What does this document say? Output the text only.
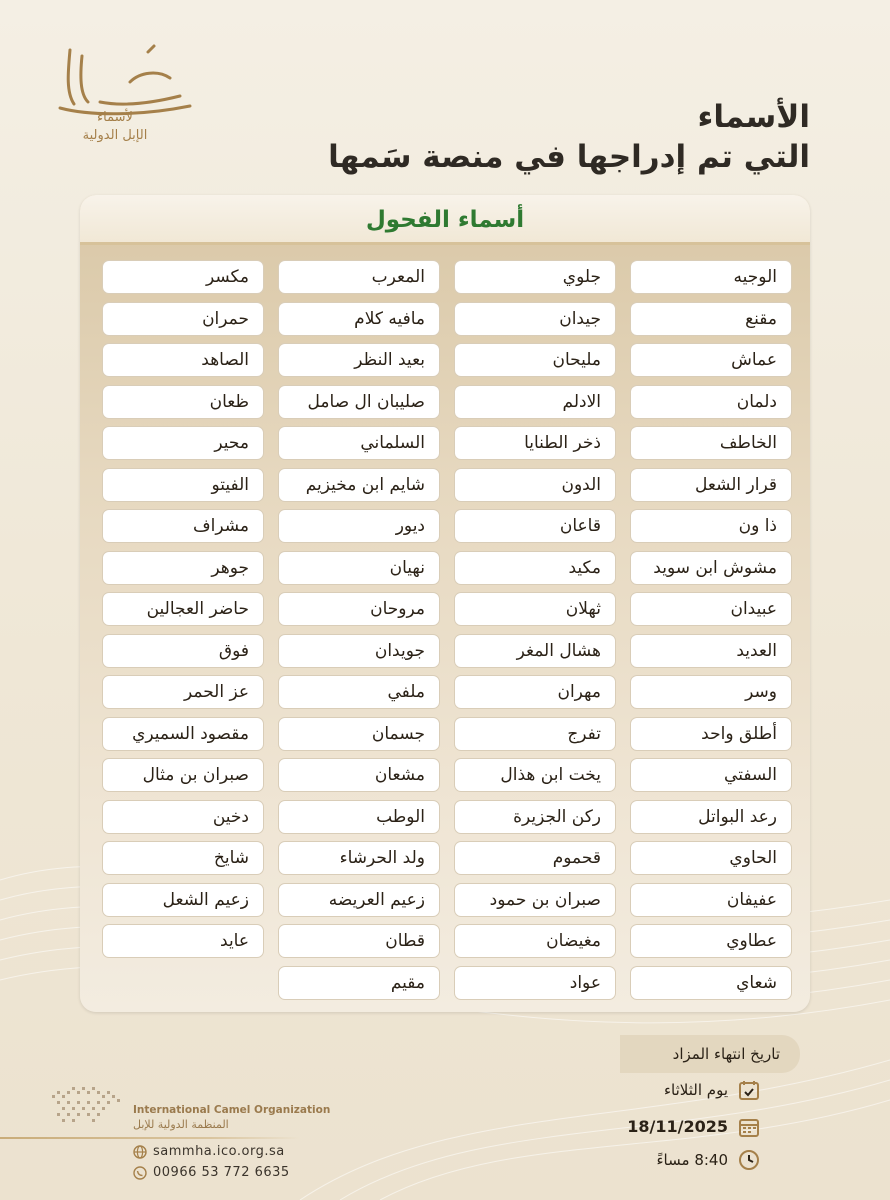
لأسماء
الإبل الدولية
الأسماء
التي تم إدراجها في منصة سَمها
أسماء الفحول
الوجيه
مقنع
عماش
دلمان
الخاطف
قرار الشعل
ذا ون
مشوش ابن سويد
عبيدان
العديد
وسر
أطلق واحد
السفتي
رعد البواتل
الحاوي
عفيفان
عطاوي
شعاي
جلوي
جيدان
مليحان
الادلم
ذخر الطنايا
الدون
قاعان
مكيد
ثهلان
هشال المغر
مهران
تفرج
يخت ابن هذال
ركن الجزيرة
قحموم
صبران بن حمود
مغيضان
عواد
المعرب
مافيه كلام
بعيد النظر
صليبان ال صامل
السلماني
شايم ابن مخيزيم
ديور
نهيان
مروحان
جويدان
ملفي
جسمان
مشعان
الوطب
ولد الحرشاء
زعيم العريضه
قطان
مقيم
مكسر
حمران
الصاهد
ظعان
محير
الفيتو
مشراف
جوهر
حاضر العجالين
فوق
عز الحمر
مقصود السميري
صبران بن مثال
دخين
شايخ
زعيم الشعل
عايد
تاريخ انتهاء المزاد
يوم الثلاثاء
18/11/2025
8:40 مساءً
International Camel Organization
المنظمة الدولية للإبل
sammha.ico.org.sa
00966 53 772 6635
